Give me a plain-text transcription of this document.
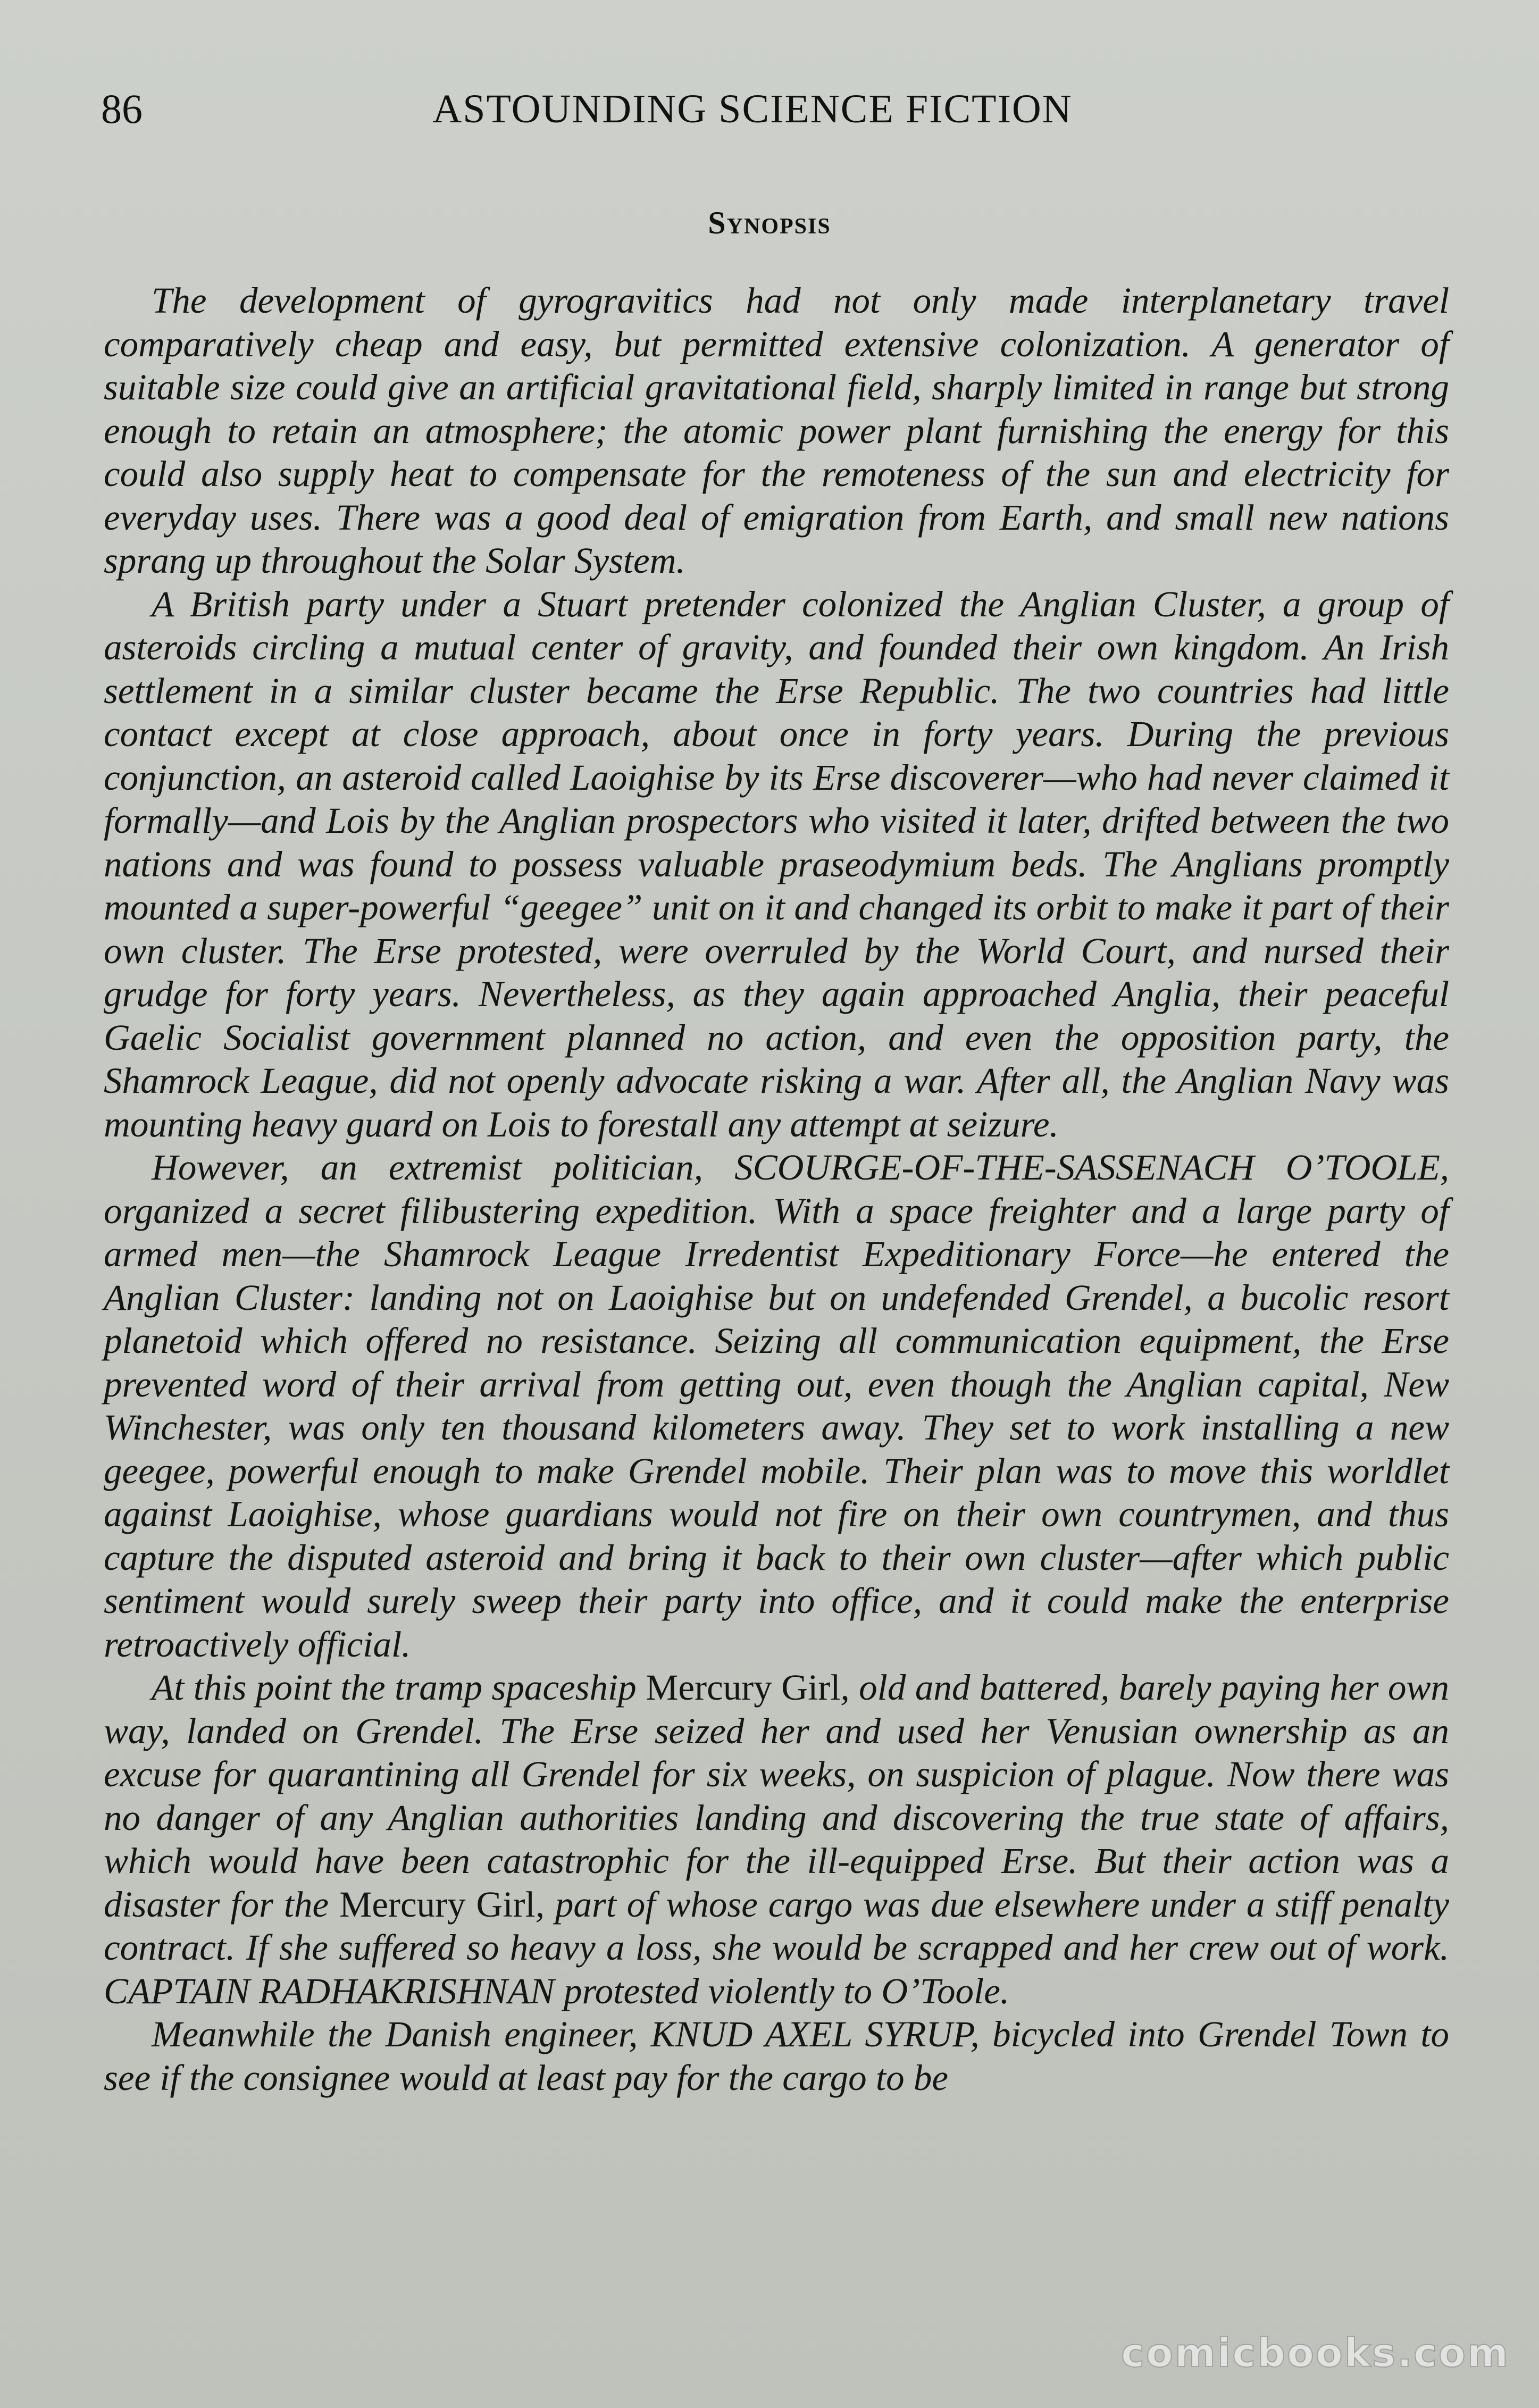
86	ASTOUNDING SCIENCE FICTION
Synopsis

The development of gyrogravitics had not only made interplanetary travel comparatively cheap and easy, but permitted extensive colonization. A generator of suitable size could give an artificial gravitational field, sharply limited in range but strong enough to retain an atmosphere; the atomic power plant furnishing the energy for this could also supply heat to compensate for the remoteness of the sun and electricity for everyday uses. There was a good deal of emigration from Earth, and small new nations sprang up throughout the Solar System.

A British party under a Stuart pretender colonized the Anglian Cluster, a group of asteroids circling a mutual center of gravity, and founded their own kingdom. An Irish settlement in a similar cluster became the Erse Republic. The two countries had little contact except at close approach, about once in forty years. During the previous conjunction, an asteroid called Laoighise by its Erse discoverer—who had never claimed it formally—and Lois by the Anglian prospectors who visited it later, drifted between the two nations and was found to possess valuable praseodymium beds. The Anglians promptly mounted a super-powerful “geegee” unit on it and changed its orbit to make it part of their own cluster. The Erse protested, were overruled by the World Court, and nursed their grudge for forty years. Nevertheless, as they again approached Anglia, their peaceful Gaelic Socialist government planned no action, and even the opposition party, the Shamrock League, did not openly advocate risking a war. After all, the Anglian Navy was mounting heavy guard on Lois to forestall any attempt at seizure.

However, an extremist politician, SCOURGE-OF-THE-SASSENACH O’TOOLE, organized a secret filibustering expedition. With a space freighter and a large party of armed men—the Shamrock League Irredentist Expeditionary Force—he entered the Anglian Cluster: landing not on Laoighise but on undefended Grendel, a bucolic resort planetoid which offered no resistance. Seizing all communication equipment, the Erse prevented word of their arrival from getting out, even though the Anglian capital, New Winchester, was only ten thousand kilometers away. They set to work installing a new geegee, powerful enough to make Grendel mobile. Their plan was to move this worldlet against Laoighise, whose guardians would not fire on their own countrymen, and thus capture the disputed asteroid and bring it back to their own cluster—after which public sentiment would surely sweep their party into office, and it could make the enterprise retroactively official.

At this point the tramp spaceship Mercury Girl, old and battered, barely paying her own way, landed on Grendel. The Erse seized her and used her Venusian ownership as an excuse for quarantining all Grendel for six weeks, on suspicion of plague. Now there was no danger of any Anglian authorities landing and discovering the true state of affairs, which would have been catastrophic for the ill-equipped Erse. But their action was a disaster for the Mercury Girl, part of whose cargo was due elsewhere under a stiff penalty contract. If she suffered so heavy a loss, she would be scrapped and her crew out of work. CAPTAIN RADHAKRISHNAN protested violently to O’Toole.

Meanwhile the Danish engineer, KNUD AXEL SYRUP, bicycled into Grendel Town to see if the consignee would at least pay for the cargo to be

comicbooks.com
